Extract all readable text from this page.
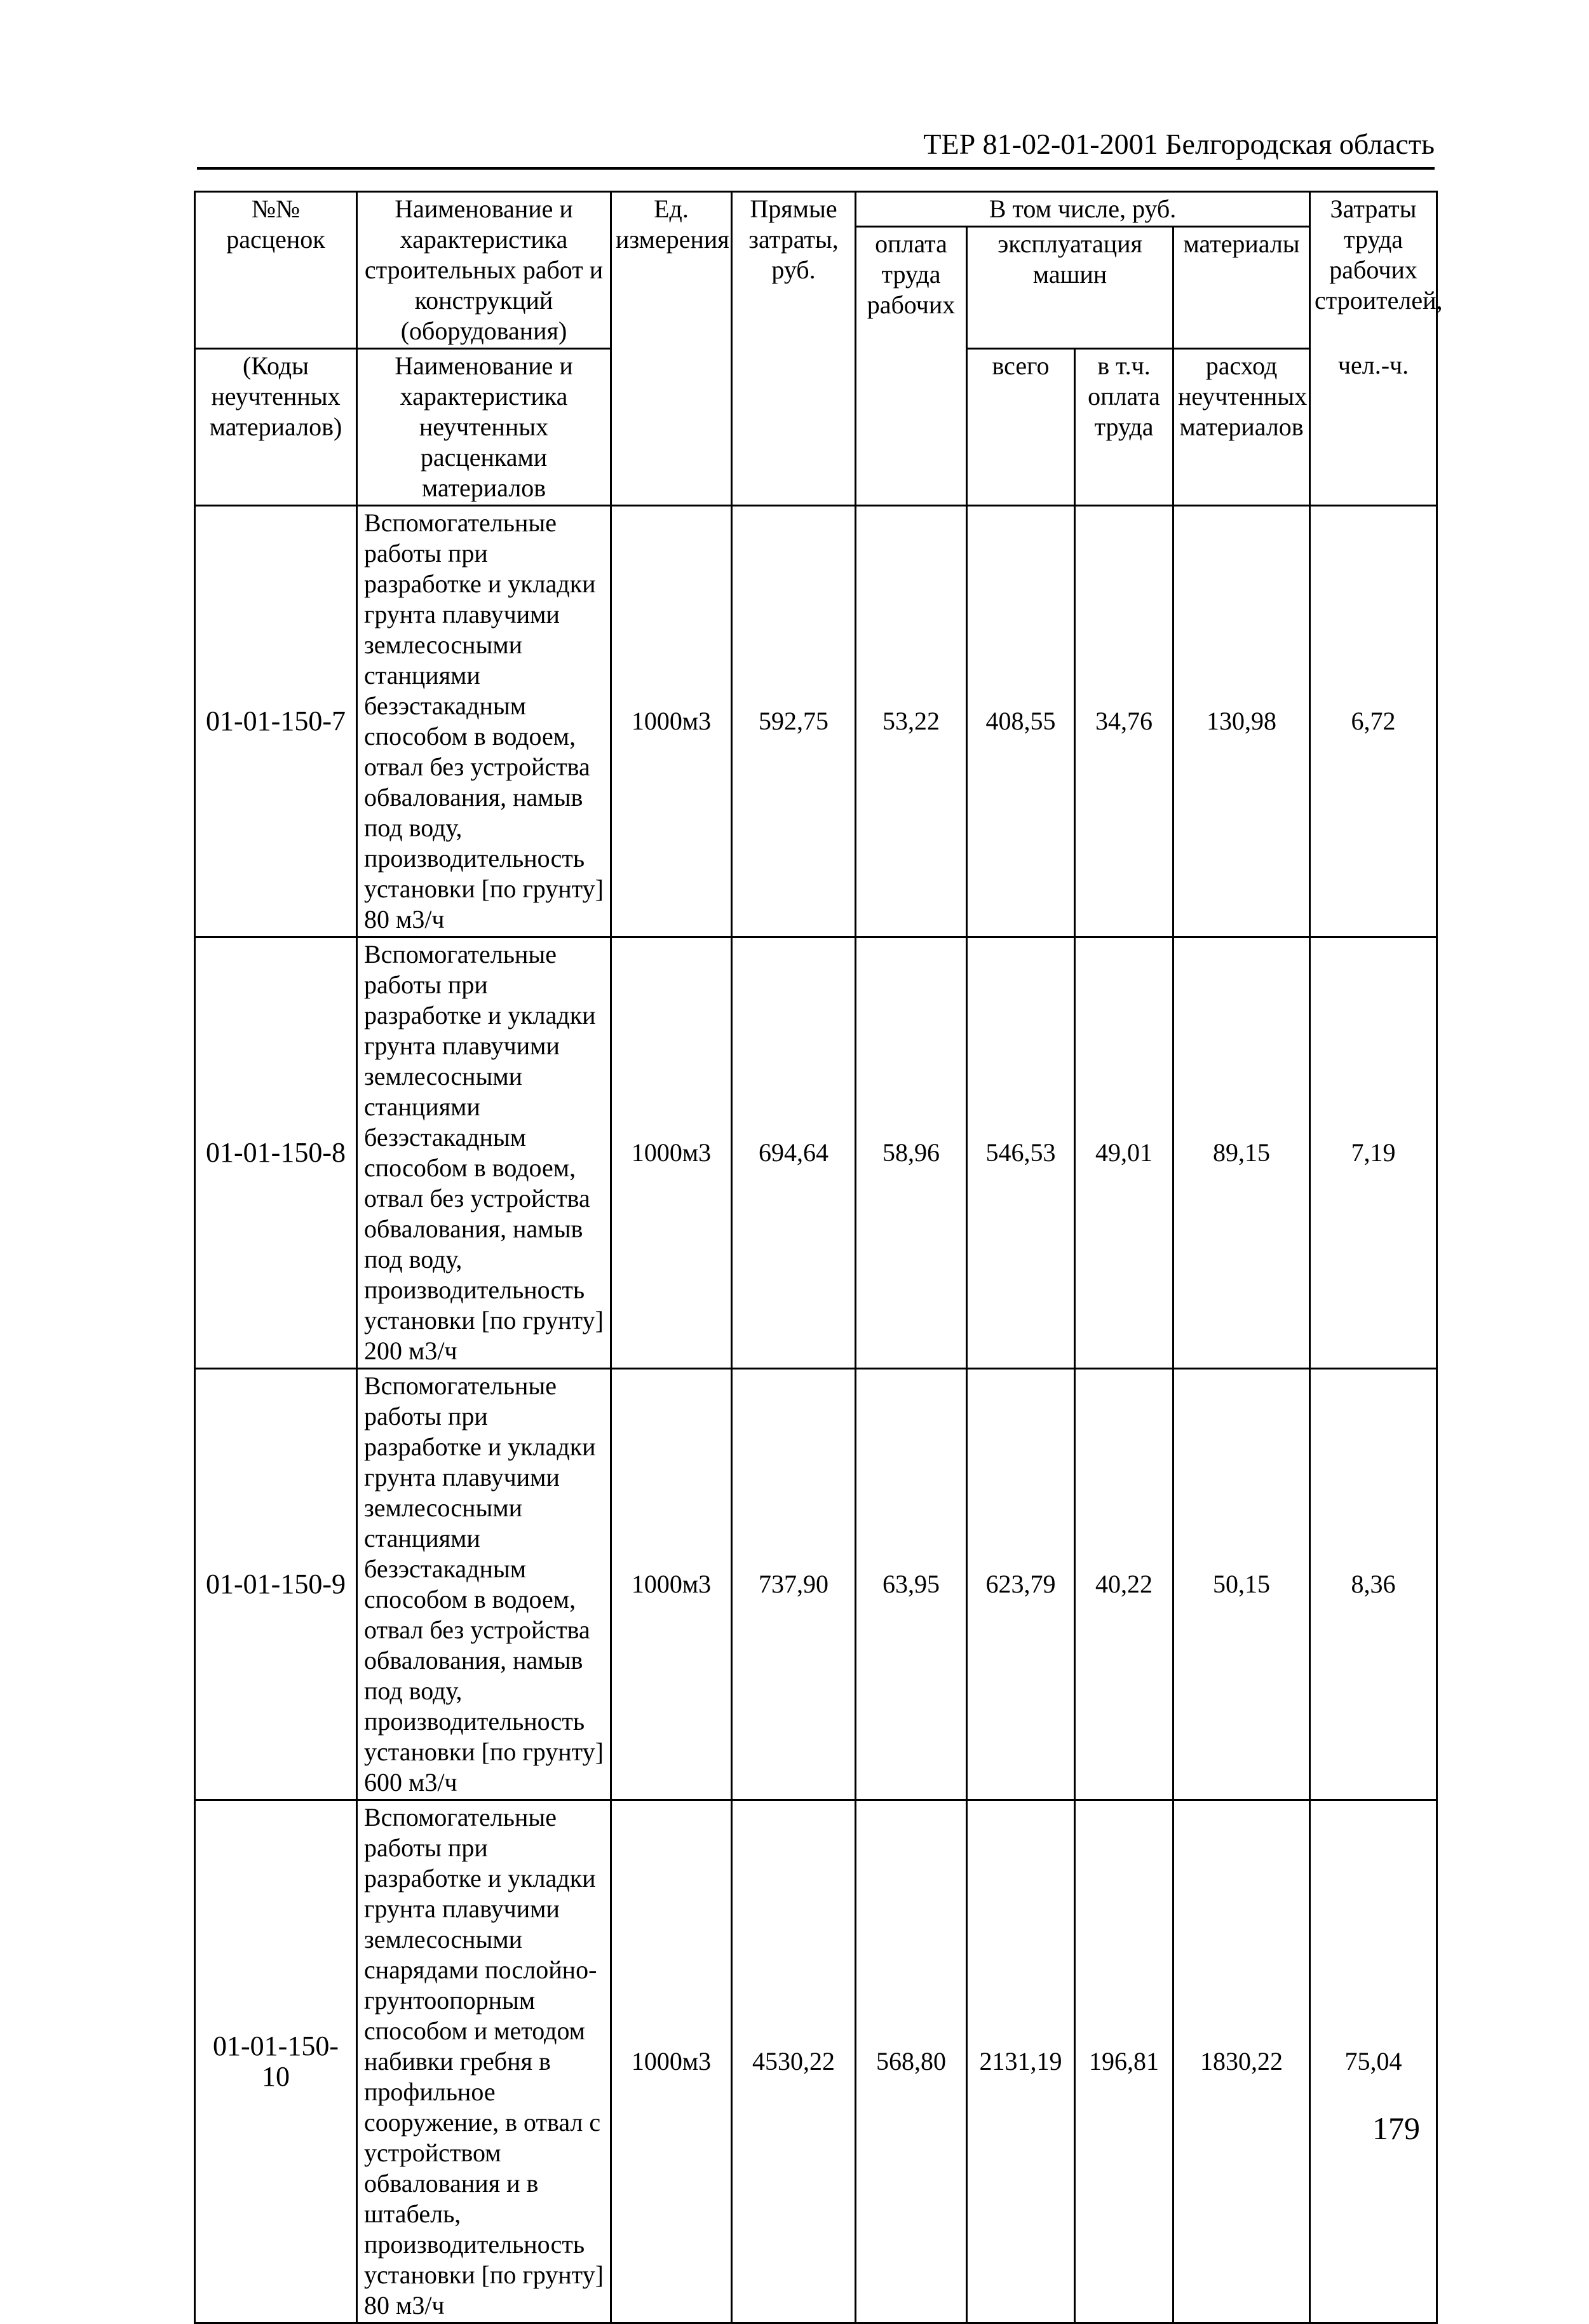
ТЕР 81-02-01-2001 Белгородская область
№№ расценок	Наименование и характеристика строительных работ и конструкций (оборудования)	Ед. измерения	Прямые затраты, руб.	В том числе, руб.				Затраты труда рабочих строителей,
				оплата труда рабочих	эксплуатация машин		материалы	
(Коды неучтенных материалов)	Наименование и характеристика неучтенных расценками материалов				всего	в т.ч. оплата труда	расход неучтенных материалов	чел.-ч.
01-01-150-7	Вспомогательные работы при разработке и укладки грунта плавучими землесосными станциями безэстакадным способом в водоем, отвал без устройства обвалования, намыв под воду, производительность установки [по грунту] 80 м3/ч	1000м3	592,75	53,22	408,55	34,76	130,98	6,72
01-01-150-8	Вспомогательные работы при разработке и укладки грунта плавучими землесосными станциями безэстакадным способом в водоем, отвал без устройства обвалования, намыв под воду, производительность установки [по грунту] 200 м3/ч	1000м3	694,64	58,96	546,53	49,01	89,15	7,19
01-01-150-9	Вспомогательные работы при разработке и укладки грунта плавучими землесосными станциями безэстакадным способом в водоем, отвал без устройства обвалования, намыв под воду, производительность установки [по грунту] 600 м3/ч	1000м3	737,90	63,95	623,79	40,22	50,15	8,36
01-01-150-10	Вспомогательные работы при разработке и укладки грунта плавучими землесосными снарядами послойно-грунтоопорным способом и методом набивки гребня в профильное сооружение, в отвал с устройством обвалования и в штабель, производительность установки [по грунту] 80 м3/ч	1000м3	4530,22	568,80	2131,19	196,81	1830,22	75,04
179
